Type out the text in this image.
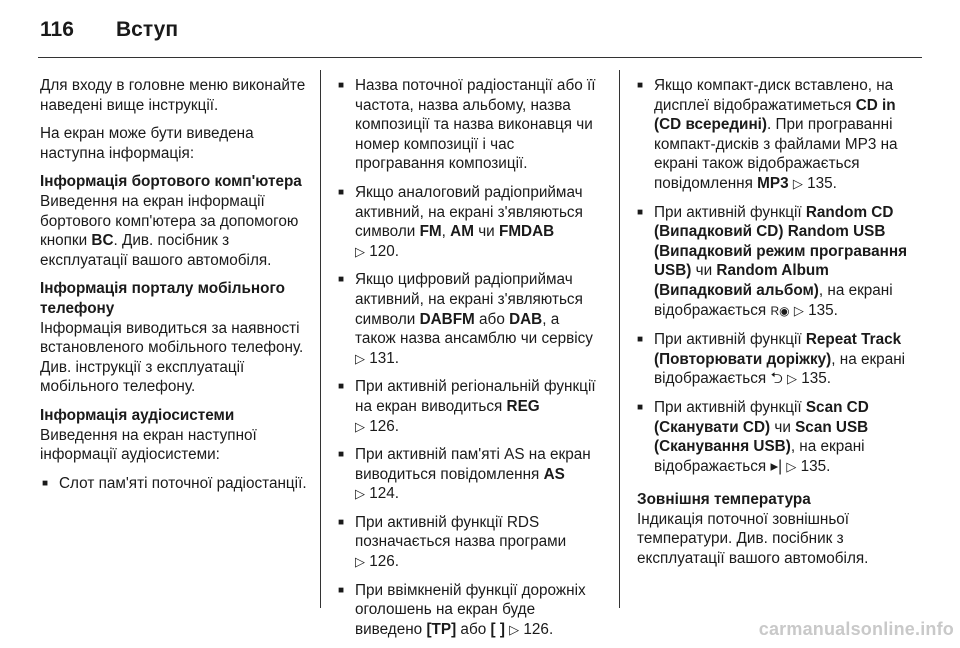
116	Вступ

Для входу в головне меню виконайте наведені вище інструкції.

На екран може бути виведена наступна інформація:

Інформація бортового комп'ютера

Виведення на екран інформації бортового комп'ютера за допомогою кнопки BC. Див. посібник з експлуатації вашого автомобіля.

Інформація порталу мобільного телефону

Інформація виводиться за наявності встановленого мобільного телефону. Див. інструкції з експлуатації мобільного телефону.

Інформація аудіосистеми

Виведення на екран наступної інформації аудіосистеми:

■ Слот пам'яті поточної радіостанції.
■ Назва поточної радіостанції або її частота, назва альбому, назва композиції та назва виконавця чи номер композиції і час програвання композиції.
■ Якщо аналоговий радіоприймач активний, на екрані з'являються символи FM, AM чи FMDAB
▷ 120.
■ Якщо цифровий радіоприймач активний, на екрані з'являються символи DABFM або DAB, а також назва ансамблю чи сервісу
▷ 131.
■ При активній регіональній функції на екран виводиться REG
▷ 126.
■ При активній пам'яті AS на екран виводиться повідомлення AS
▷ 124.
■ При активній функції RDS позначається назва програми
▷ 126.
■ При ввімкненій функції дорожніх оголошень на екран буде виведено [TP] або [ ] ▷ 126.
■ Якщо компакт-диск вставлено, на дисплеї відображатиметься CD in (CD всередині). При програванні компакт-дисків з файлами MP3 на екрані також відображається повідомлення MP3 ▷ 135.
■ При активній функції Random CD (Випадковий CD) Random USB (Випадковий режим програвання USB) чи Random Album (Випадковий альбом), на екрані відображається R◉ ▷ 135.
■ При активній функції Repeat Track (Повторювати доріжку), на екрані відображається ⮌ ▷ 135.
■ При активній функції Scan CD (Сканувати CD) чи Scan USB (Сканування USB), на екрані відображається ▸| ▷ 135.
Зовнішня температура

Індикація поточної зовнішньої температури. Див. посібник з експлуатації вашого автомобіля.

carmanualsonline.info
